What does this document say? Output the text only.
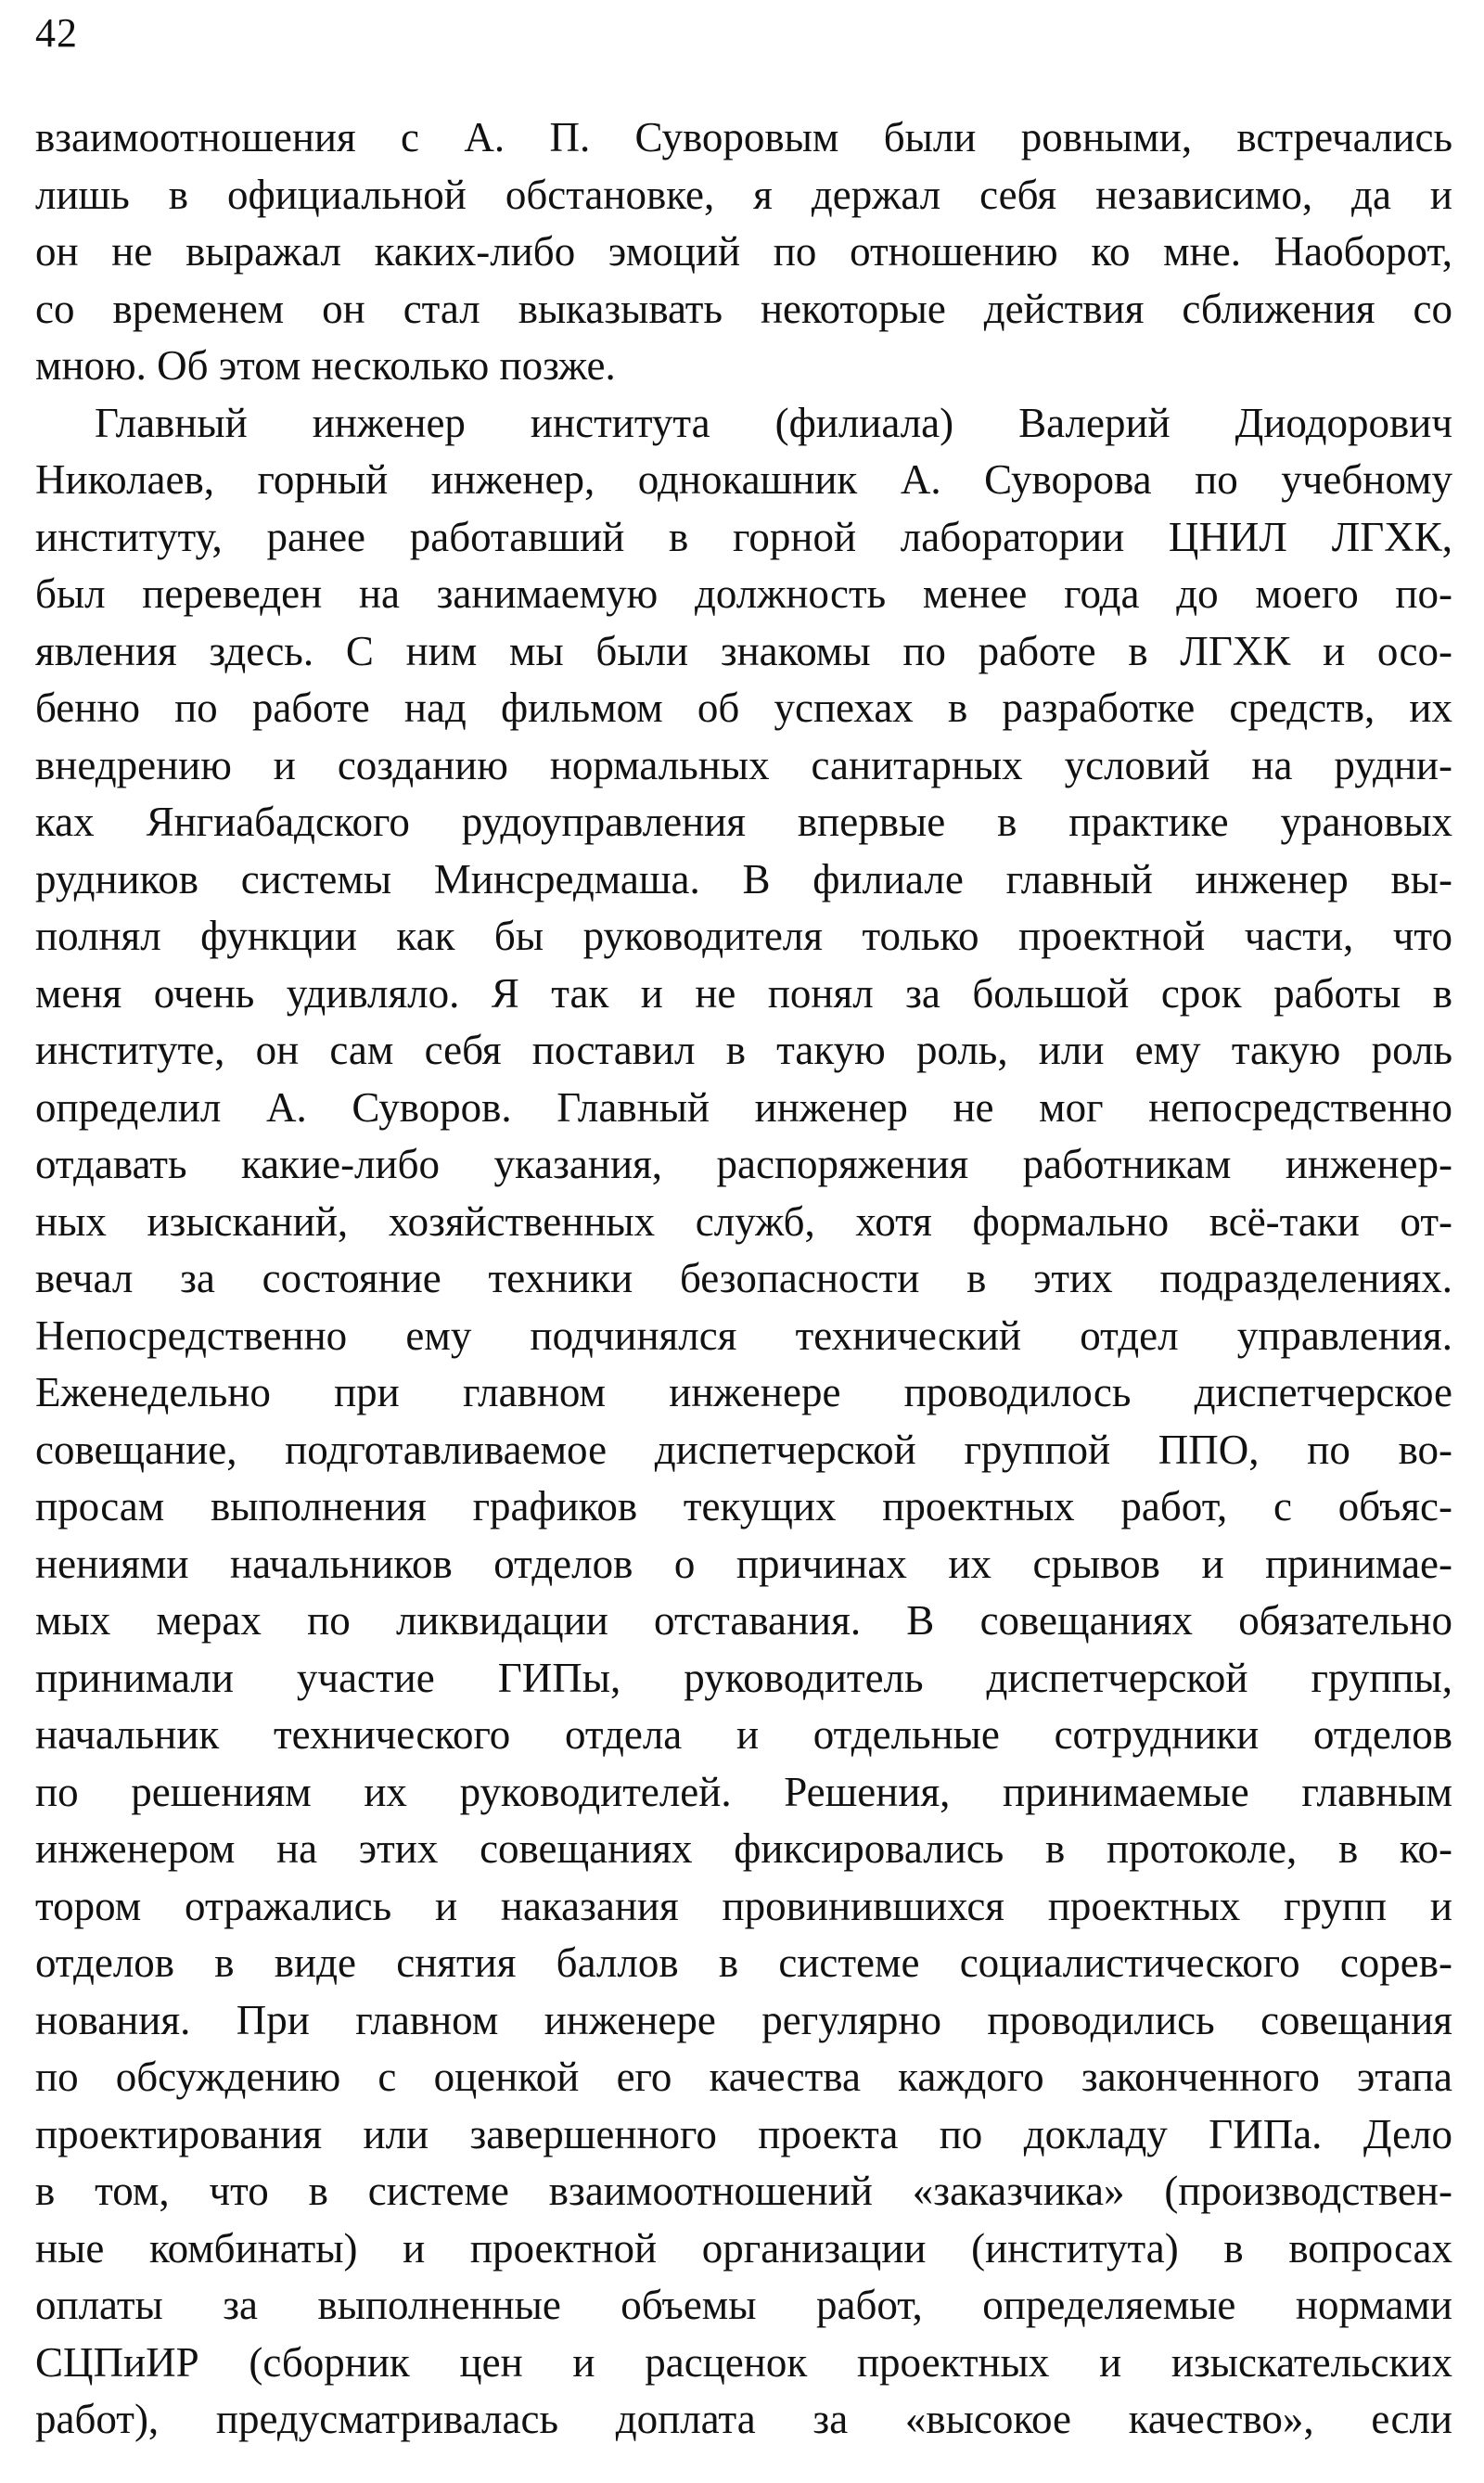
42

взаимоотношения с А. П. Суворовым были ровными, встречались
лишь в официальной обстановке, я держал себя независимо, да и
он не выражал каких-либо эмоций по отношению ко мне. Наоборот,
со временем он стал выказывать некоторые действия сближения со
мною. Об этом несколько позже.

Главный инженер института (филиала) Валерий Диодорович
Николаев, горный инженер, однокашник А. Суворова по учебному
институту, ранее работавший в горной лаборатории ЦНИЛ ЛГХК,
был переведен на занимаемую должность менее года до моего по-
явления здесь. С ним мы были знакомы по работе в ЛГХК и осо-
бенно по работе над фильмом об успехах в разработке средств, их
внедрению и созданию нормальных санитарных условий на рудни-
ках Янгиабадского рудоуправления впервые в практике урановых
рудников системы Минсредмаша. В филиале главный инженер вы-
полнял функции как бы руководителя только проектной части, что
меня очень удивляло. Я так и не понял за большой срок работы в
институте, он сам себя поставил в такую роль, или ему такую роль
определил А. Суворов. Главный инженер не мог непосредственно
отдавать какие-либо указания, распоряжения работникам инженер-
ных изысканий, хозяйственных служб, хотя формально всё-таки от-
вечал за состояние техники безопасности в этих подразделениях.
Непосредственно ему подчинялся технический отдел управления.
Еженедельно при главном инженере проводилось диспетчерское
совещание, подготавливаемое диспетчерской группой ППО, по во-
просам выполнения графиков текущих проектных работ, с объяс-
нениями начальников отделов о причинах их срывов и принимае-
мых мерах по ликвидации отставания. В совещаниях обязательно
принимали участие ГИПы, руководитель диспетчерской группы,
начальник технического отдела и отдельные сотрудники отделов
по решениям их руководителей. Решения, принимаемые главным
инженером на этих совещаниях фиксировались в протоколе, в ко-
тором отражались и наказания провинившихся проектных групп и
отделов в виде снятия баллов в системе социалистического сорев-
нования. При главном инженере регулярно проводились совещания
по обсуждению с оценкой его качества каждого законченного этапа
проектирования или завершенного проекта по докладу ГИПа. Дело
в том, что в системе взаимоотношений «заказчика» (производствен-
ные комбинаты) и проектной организации (института) в вопросах
оплаты за выполненные объемы работ, определяемые нормами
СЦПиИР (сборник цен и расценок проектных и изыскательских
работ), предусматривалась доплата за «высокое качество», если
